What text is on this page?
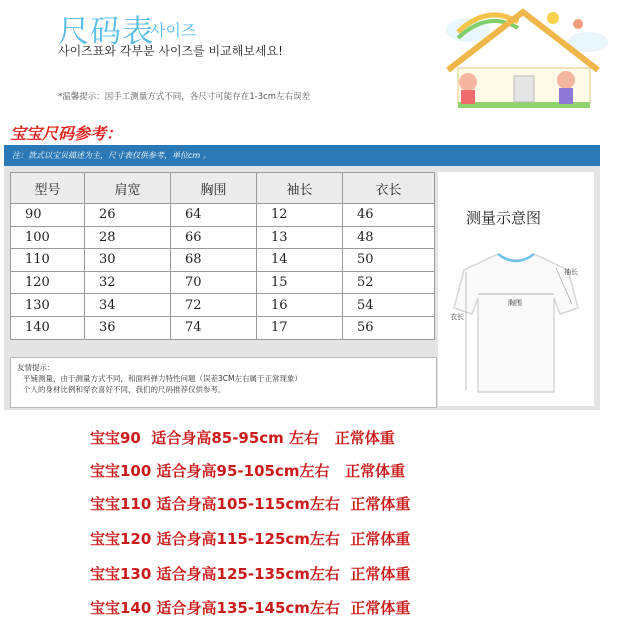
尺码表
사이즈
사이즈표와 각부분 사이즈를 비교해보세요!
*温馨提示：因手工测量方式不同，各尺寸可能存在1-3cm左右误差
宝宝尺码参考：
注：款式以宝贝描述为主，尺寸表仅供参考，单位cm 。
型号	肩宽	胸围	袖长	衣长
90	26	64	12	46
100	28	66	13	48
110	30	68	14	50
120	32	70	15	52
130	34	72	16	54
140	36	74	17	56
友情提示：
平铺测量，由于测量方式不同，和面料弹力特性问题（误差3CM左右属于正常现象）
个人的身材比例和穿衣喜好不同，我们的尺码推荐仅供参考。
测量示意图
袖长
胸围
衣长
宝宝90  适合身高85-95cm 左右   正常体重
宝宝100 适合身高95-105cm左右   正常体重
宝宝110 适合身高105-115cm左右  正常体重
宝宝120 适合身高115-125cm左右  正常体重
宝宝130 适合身高125-135cm左右  正常体重
宝宝140 适合身高135-145cm左右  正常体重
